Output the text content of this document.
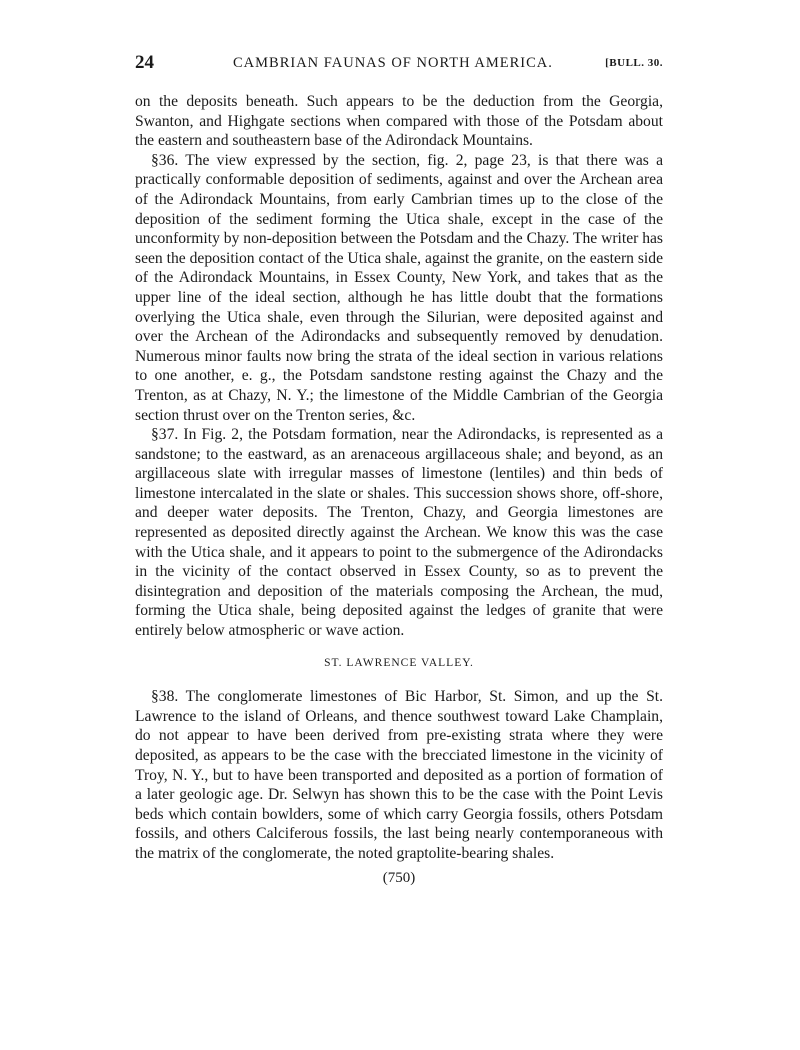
24	CAMBRIAN FAUNAS OF NORTH AMERICA.	[BULL. 30.

on the deposits beneath. Such appears to be the deduction from the Georgia, Swanton, and Highgate sections when compared with those of the Potsdam about the eastern and southeastern base of the Adirondack Mountains.

§36. The view expressed by the section, fig. 2, page 23, is that there was a practically conformable deposition of sediments, against and over the Archean area of the Adirondack Mountains, from early Cambrian times up to the close of the deposition of the sediment forming the Utica shale, except in the case of the unconformity by non-deposition between the Potsdam and the Chazy. The writer has seen the deposition contact of the Utica shale, against the granite, on the eastern side of the Adirondack Mountains, in Essex County, New York, and takes that as the upper line of the ideal section, although he has little doubt that the formations overlying the Utica shale, even through the Silurian, were deposited against and over the Archean of the Adirondacks and subsequently removed by denudation. Numerous minor faults now bring the strata of the ideal section in various relations to one another, e. g., the Potsdam sandstone resting against the Chazy and the Trenton, as at Chazy, N. Y.; the limestone of the Middle Cambrian of the Georgia section thrust over on the Trenton series, &c.

§37. In Fig. 2, the Potsdam formation, near the Adirondacks, is represented as a sandstone; to the eastward, as an arenaceous argillaceous shale; and beyond, as an argillaceous slate with irregular masses of limestone (lentiles) and thin beds of limestone intercalated in the slate or shales. This succession shows shore, off-shore, and deeper water deposits. The Trenton, Chazy, and Georgia limestones are represented as deposited directly against the Archean. We know this was the case with the Utica shale, and it appears to point to the submergence of the Adirondacks in the vicinity of the contact observed in Essex County, so as to prevent the disintegration and deposition of the materials composing the Archean, the mud, forming the Utica shale, being deposited against the ledges of granite that were entirely below atmospheric or wave action.

ST. LAWRENCE VALLEY.

§38. The conglomerate limestones of Bic Harbor, St. Simon, and up the St. Lawrence to the island of Orleans, and thence southwest toward Lake Champlain, do not appear to have been derived from pre-existing strata where they were deposited, as appears to be the case with the brecciated limestone in the vicinity of Troy, N. Y., but to have been transported and deposited as a portion of formation of a later geologic age. Dr. Selwyn has shown this to be the case with the Point Levis beds which contain bowlders, some of which carry Georgia fossils, others Potsdam fossils, and others Calciferous fossils, the last being nearly contemporaneous with the matrix of the conglomerate, the noted graptolite-bearing shales.

(750)
